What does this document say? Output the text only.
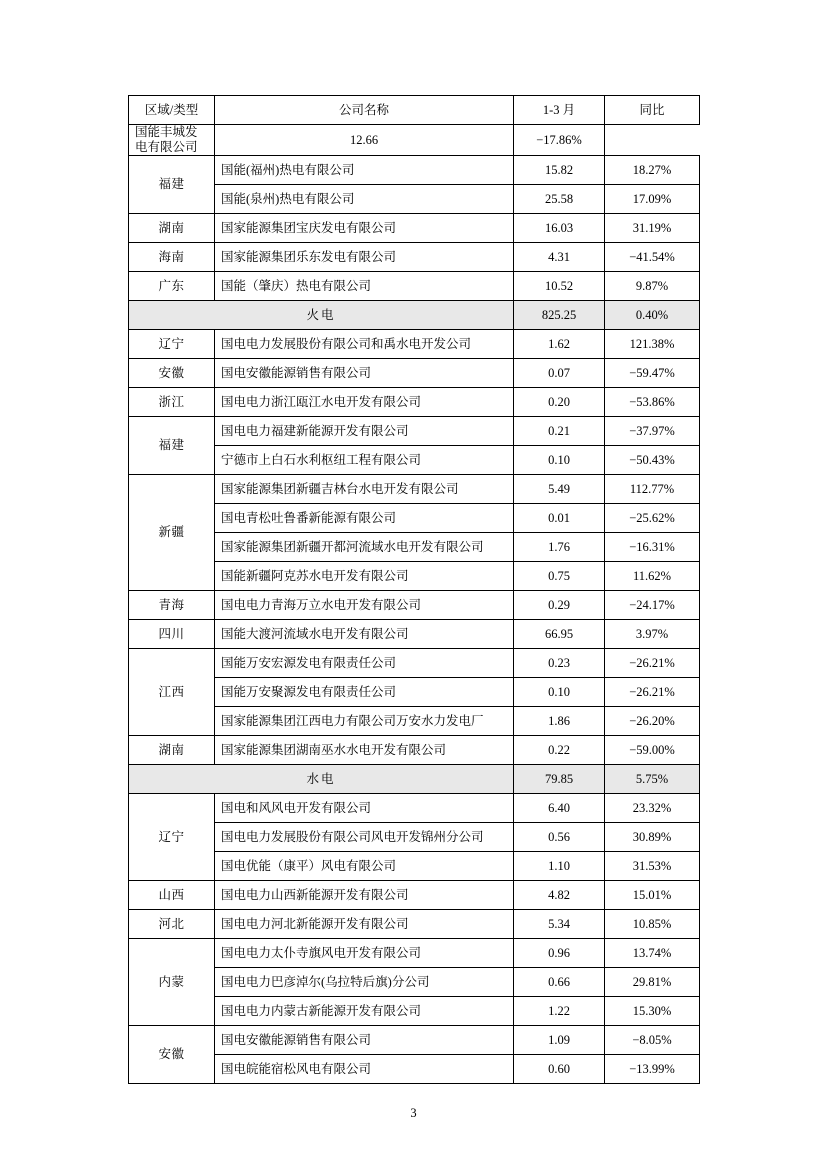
区域/类型	公司名称	1-3 月	同比
国能丰城发电有限公司	12.66	−17.86%	
福建	国能(福州)热电有限公司	15.82	18.27%
	国能(泉州)热电有限公司	25.58	17.09%
湖南	国家能源集团宝庆发电有限公司	16.03	31.19%
海南	国家能源集团乐东发电有限公司	4.31	−41.54%
广东	国能（肇庆）热电有限公司	10.52	9.87%
火电		825.25	0.40%
辽宁	国电电力发展股份有限公司和禹水电开发公司	1.62	121.38%
安徽	国电安徽能源销售有限公司	0.07	−59.47%
浙江	国电电力浙江瓯江水电开发有限公司	0.20	−53.86%
福建	国电电力福建新能源开发有限公司	0.21	−37.97%
	宁德市上白石水利枢纽工程有限公司	0.10	−50.43%
新疆	国家能源集团新疆吉林台水电开发有限公司	5.49	112.77%
	国电青松吐鲁番新能源有限公司	0.01	−25.62%
	国家能源集团新疆开都河流域水电开发有限公司	1.76	−16.31%
	国能新疆阿克苏水电开发有限公司	0.75	11.62%
青海	国电电力青海万立水电开发有限公司	0.29	−24.17%
四川	国能大渡河流域水电开发有限公司	66.95	3.97%
江西	国能万安宏源发电有限责任公司	0.23	−26.21%
	国能万安聚源发电有限责任公司	0.10	−26.21%
	国家能源集团江西电力有限公司万安水力发电厂	1.86	−26.20%
湖南	国家能源集团湖南巫水水电开发有限公司	0.22	−59.00%
水电		79.85	5.75%
辽宁	国电和风风电开发有限公司	6.40	23.32%
	国电电力发展股份有限公司风电开发锦州分公司	0.56	30.89%
	国电优能（康平）风电有限公司	1.10	31.53%
山西	国电电力山西新能源开发有限公司	4.82	15.01%
河北	国电电力河北新能源开发有限公司	5.34	10.85%
内蒙	国电电力太仆寺旗风电开发有限公司	0.96	13.74%
	国电电力巴彦淖尔(乌拉特后旗)分公司	0.66	29.81%
	国电电力内蒙古新能源开发有限公司	1.22	15.30%
安徽	国电安徽能源销售有限公司	1.09	−8.05%
	国电皖能宿松风电有限公司	0.60	−13.99%
3
